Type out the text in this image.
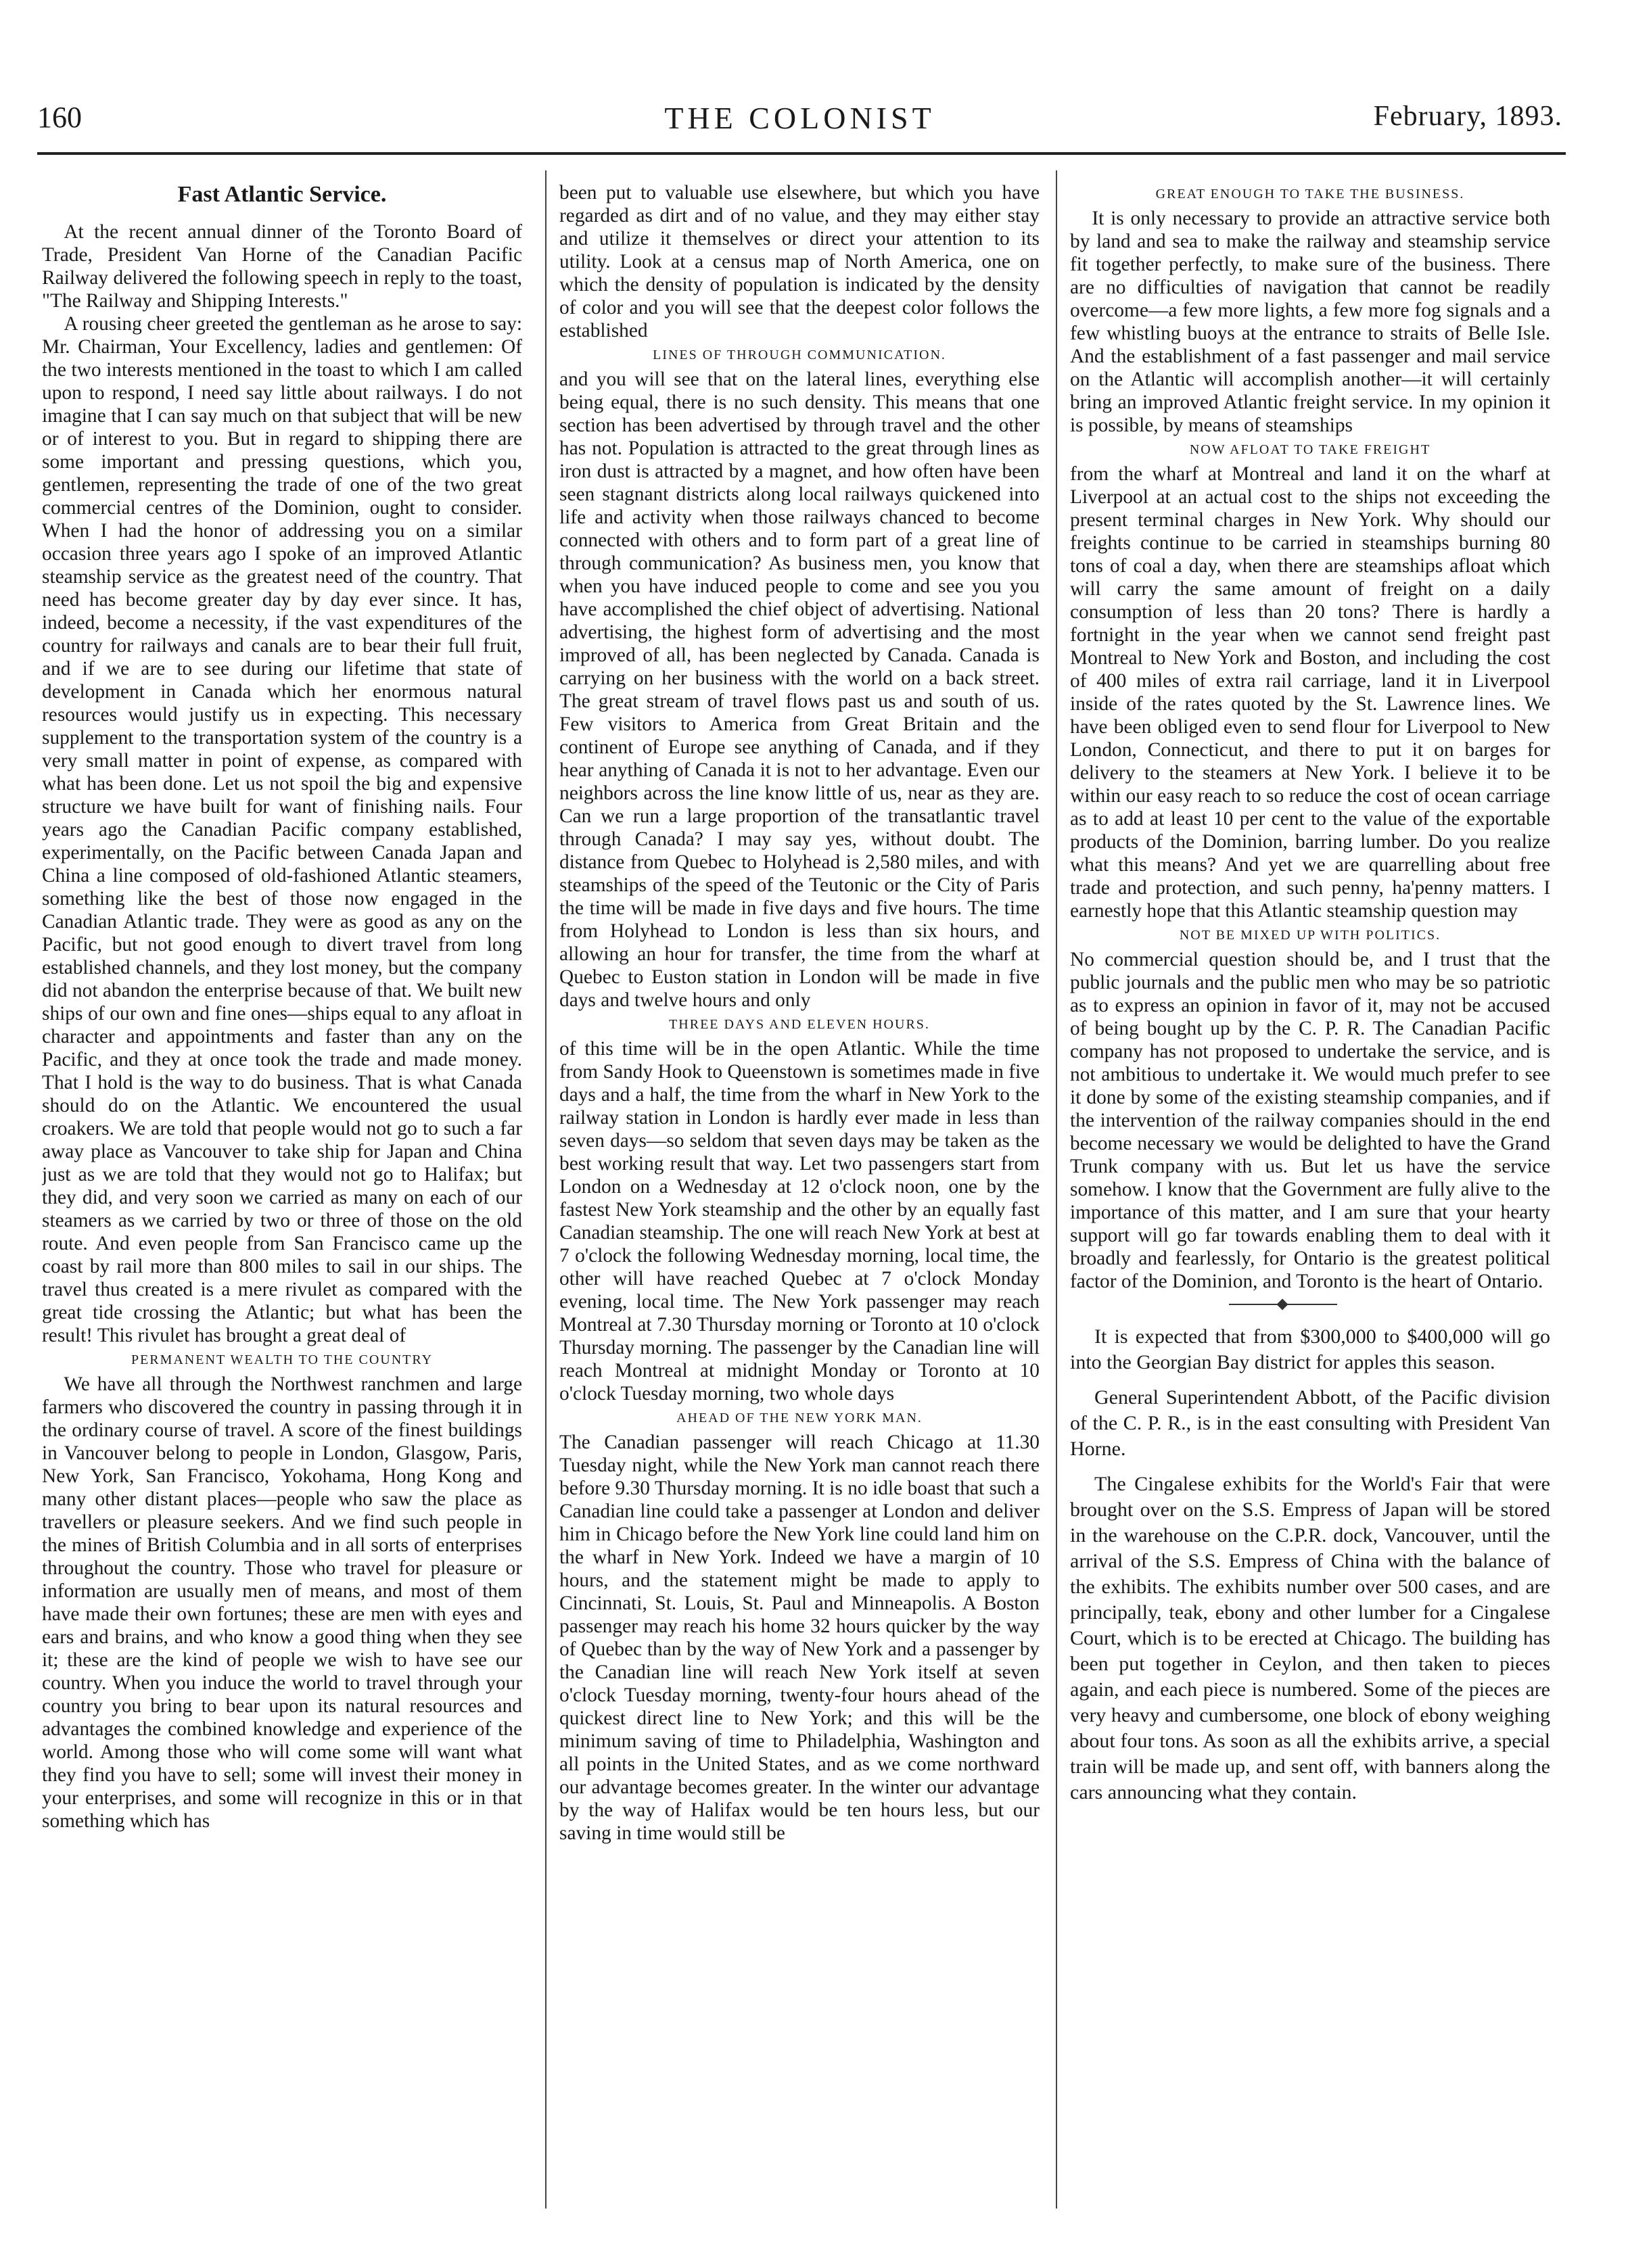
160	THE COLONIST	February, 1893.
Fast Atlantic Service.

At the recent annual dinner of the Toronto Board of Trade, President Van Horne of the Canadian Pacific Railway delivered the following speech in reply to the toast, "The Railway and Shipping Interests."

A rousing cheer greeted the gentleman as he arose to say: Mr. Chairman, Your Excellency, ladies and gentlemen: Of the two interests mentioned in the toast to which I am called upon to respond, I need say little about railways. I do not imagine that I can say much on that subject that will be new or of interest to you. But in regard to shipping there are some important and pressing questions, which you, gentlemen, representing the trade of one of the two great commercial centres of the Dominion, ought to consider. When I had the honor of addressing you on a similar occasion three years ago I spoke of an improved Atlantic steamship service as the greatest need of the country. That need has become greater day by day ever since. It has, indeed, become a necessity, if the vast expenditures of the country for railways and canals are to bear their full fruit, and if we are to see during our lifetime that state of development in Canada which her enormous natural resources would justify us in expecting. This necessary supplement to the transportation system of the country is a very small matter in point of expense, as compared with what has been done. Let us not spoil the big and expensive structure we have built for want of finishing nails. Four years ago the Canadian Pacific company established, experimentally, on the Pacific between Canada Japan and China a line composed of old-fashioned Atlantic steamers, something like the best of those now engaged in the Canadian Atlantic trade. They were as good as any on the Pacific, but not good enough to divert travel from long established channels, and they lost money, but the company did not abandon the enterprise because of that. We built new ships of our own and fine ones—ships equal to any afloat in character and appointments and faster than any on the Pacific, and they at once took the trade and made money. That I hold is the way to do business. That is what Canada should do on the Atlantic. We encountered the usual croakers. We are told that people would not go to such a far away place as Vancouver to take ship for Japan and China just as we are told that they would not go to Halifax; but they did, and very soon we carried as many on each of our steamers as we carried by two or three of those on the old route. And even people from San Francisco came up the coast by rail more than 800 miles to sail in our ships. The travel thus created is a mere rivulet as compared with the great tide crossing the Atlantic; but what has been the result! This rivulet has brought a great deal of

PERMANENT WEALTH TO THE COUNTRY

We have all through the Northwest ranchmen and large farmers who discovered the country in passing through it in the ordinary course of travel. A score of the finest buildings in Vancouver belong to people in London, Glasgow, Paris, New York, San Francisco, Yokohama, Hong Kong and many other distant places—people who saw the place as travellers or pleasure seekers. And we find such people in the mines of British Columbia and in all sorts of enterprises throughout the country. Those who travel for pleasure or information are usually men of means, and most of them have made their own fortunes; these are men with eyes and ears and brains, and who know a good thing when they see it; these are the kind of people we wish to have see our country. When you induce the world to travel through your country you bring to bear upon its natural resources and advantages the combined knowledge and experience of the world. Among those who will come some will want what they find you have to sell; some will invest their money in your enterprises, and some will recognize in this or in that something which has

been put to valuable use elsewhere, but which you have regarded as dirt and of no value, and they may either stay and utilize it themselves or direct your attention to its utility. Look at a census map of North America, one on which the density of population is indicated by the density of color and you will see that the deepest color follows the established

LINES OF THROUGH COMMUNICATION.

and you will see that on the lateral lines, everything else being equal, there is no such density. This means that one section has been advertised by through travel and the other has not. Population is attracted to the great through lines as iron dust is attracted by a magnet, and how often have been seen stagnant districts along local railways quickened into life and activity when those railways chanced to become connected with others and to form part of a great line of through communication? As business men, you know that when you have induced people to come and see you you have accomplished the chief object of advertising. National advertising, the highest form of advertising and the most improved of all, has been neglected by Canada. Canada is carrying on her business with the world on a back street. The great stream of travel flows past us and south of us. Few visitors to America from Great Britain and the continent of Europe see anything of Canada, and if they hear anything of Canada it is not to her advantage. Even our neighbors across the line know little of us, near as they are. Can we run a large proportion of the transatlantic travel through Canada? I may say yes, without doubt. The distance from Quebec to Holyhead is 2,580 miles, and with steamships of the speed of the Teutonic or the City of Paris the time will be made in five days and five hours. The time from Holyhead to London is less than six hours, and allowing an hour for transfer, the time from the wharf at Quebec to Euston station in London will be made in five days and twelve hours and only

THREE DAYS AND ELEVEN HOURS.

of this time will be in the open Atlantic. While the time from Sandy Hook to Queenstown is sometimes made in five days and a half, the time from the wharf in New York to the railway station in London is hardly ever made in less than seven days—so seldom that seven days may be taken as the best working result that way. Let two passengers start from London on a Wednesday at 12 o'clock noon, one by the fastest New York steamship and the other by an equally fast Canadian steamship. The one will reach New York at best at 7 o'clock the following Wednesday morning, local time, the other will have reached Quebec at 7 o'clock Monday evening, local time. The New York passenger may reach Montreal at 7.30 Thursday morning or Toronto at 10 o'clock Thursday morning. The passenger by the Canadian line will reach Montreal at midnight Monday or Toronto at 10 o'clock Tuesday morning, two whole days

AHEAD OF THE NEW YORK MAN.

The Canadian passenger will reach Chicago at 11.30 Tuesday night, while the New York man cannot reach there before 9.30 Thursday morning. It is no idle boast that such a Canadian line could take a passenger at London and deliver him in Chicago before the New York line could land him on the wharf in New York. Indeed we have a margin of 10 hours, and the statement might be made to apply to Cincinnati, St. Louis, St. Paul and Minneapolis. A Boston passenger may reach his home 32 hours quicker by the way of Quebec than by the way of New York and a passenger by the Canadian line will reach New York itself at seven o'clock Tuesday morning, twenty-four hours ahead of the quickest direct line to New York; and this will be the minimum saving of time to Philadelphia, Washington and all points in the United States, and as we come northward our advantage becomes greater. In the winter our advantage by the way of Halifax would be ten hours less, but our saving in time would still be

GREAT ENOUGH TO TAKE THE BUSINESS.

It is only necessary to provide an attractive service both by land and sea to make the railway and steamship service fit together perfectly, to make sure of the business. There are no difficulties of navigation that cannot be readily overcome—a few more lights, a few more fog signals and a few whistling buoys at the entrance to straits of Belle Isle. And the establishment of a fast passenger and mail service on the Atlantic will accomplish another—it will certainly bring an improved Atlantic freight service. In my opinion it is possible, by means of steamships

NOW AFLOAT TO TAKE FREIGHT

from the wharf at Montreal and land it on the wharf at Liverpool at an actual cost to the ships not exceeding the present terminal charges in New York. Why should our freights continue to be carried in steamships burning 80 tons of coal a day, when there are steamships afloat which will carry the same amount of freight on a daily consumption of less than 20 tons? There is hardly a fortnight in the year when we cannot send freight past Montreal to New York and Boston, and including the cost of 400 miles of extra rail carriage, land it in Liverpool inside of the rates quoted by the St. Lawrence lines. We have been obliged even to send flour for Liverpool to New London, Connecticut, and there to put it on barges for delivery to the steamers at New York. I believe it to be within our easy reach to so reduce the cost of ocean carriage as to add at least 10 per cent to the value of the exportable products of the Dominion, barring lumber. Do you realize what this means? And yet we are quarrelling about free trade and protection, and such penny, ha'penny matters. I earnestly hope that this Atlantic steamship question may

NOT BE MIXED UP WITH POLITICS.

No commercial question should be, and I trust that the public journals and the public men who may be so patriotic as to express an opinion in favor of it, may not be accused of being bought up by the C. P. R. The Canadian Pacific company has not proposed to undertake the service, and is not ambitious to undertake it. We would much prefer to see it done by some of the existing steamship companies, and if the intervention of the railway companies should in the end become necessary we would be delighted to have the Grand Trunk company with us. But let us have the service somehow. I know that the Government are fully alive to the importance of this matter, and I am sure that your hearty support will go far towards enabling them to deal with it broadly and fearlessly, for Ontario is the greatest political factor of the Dominion, and Toronto is the heart of Ontario.

It is expected that from $300,000 to $400,000 will go into the Georgian Bay district for apples this season.

General Superintendent Abbott, of the Pacific division of the C. P. R., is in the east consulting with President Van Horne.

The Cingalese exhibits for the World's Fair that were brought over on the S.S. Empress of Japan will be stored in the warehouse on the C.P.R. dock, Vancouver, until the arrival of the S.S. Empress of China with the balance of the exhibits. The exhibits number over 500 cases, and are principally, teak, ebony and other lumber for a Cingalese Court, which is to be erected at Chicago. The building has been put together in Ceylon, and then taken to pieces again, and each piece is numbered. Some of the pieces are very heavy and cumbersome, one block of ebony weighing about four tons. As soon as all the exhibits arrive, a special train will be made up, and sent off, with banners along the cars announcing what they contain.
